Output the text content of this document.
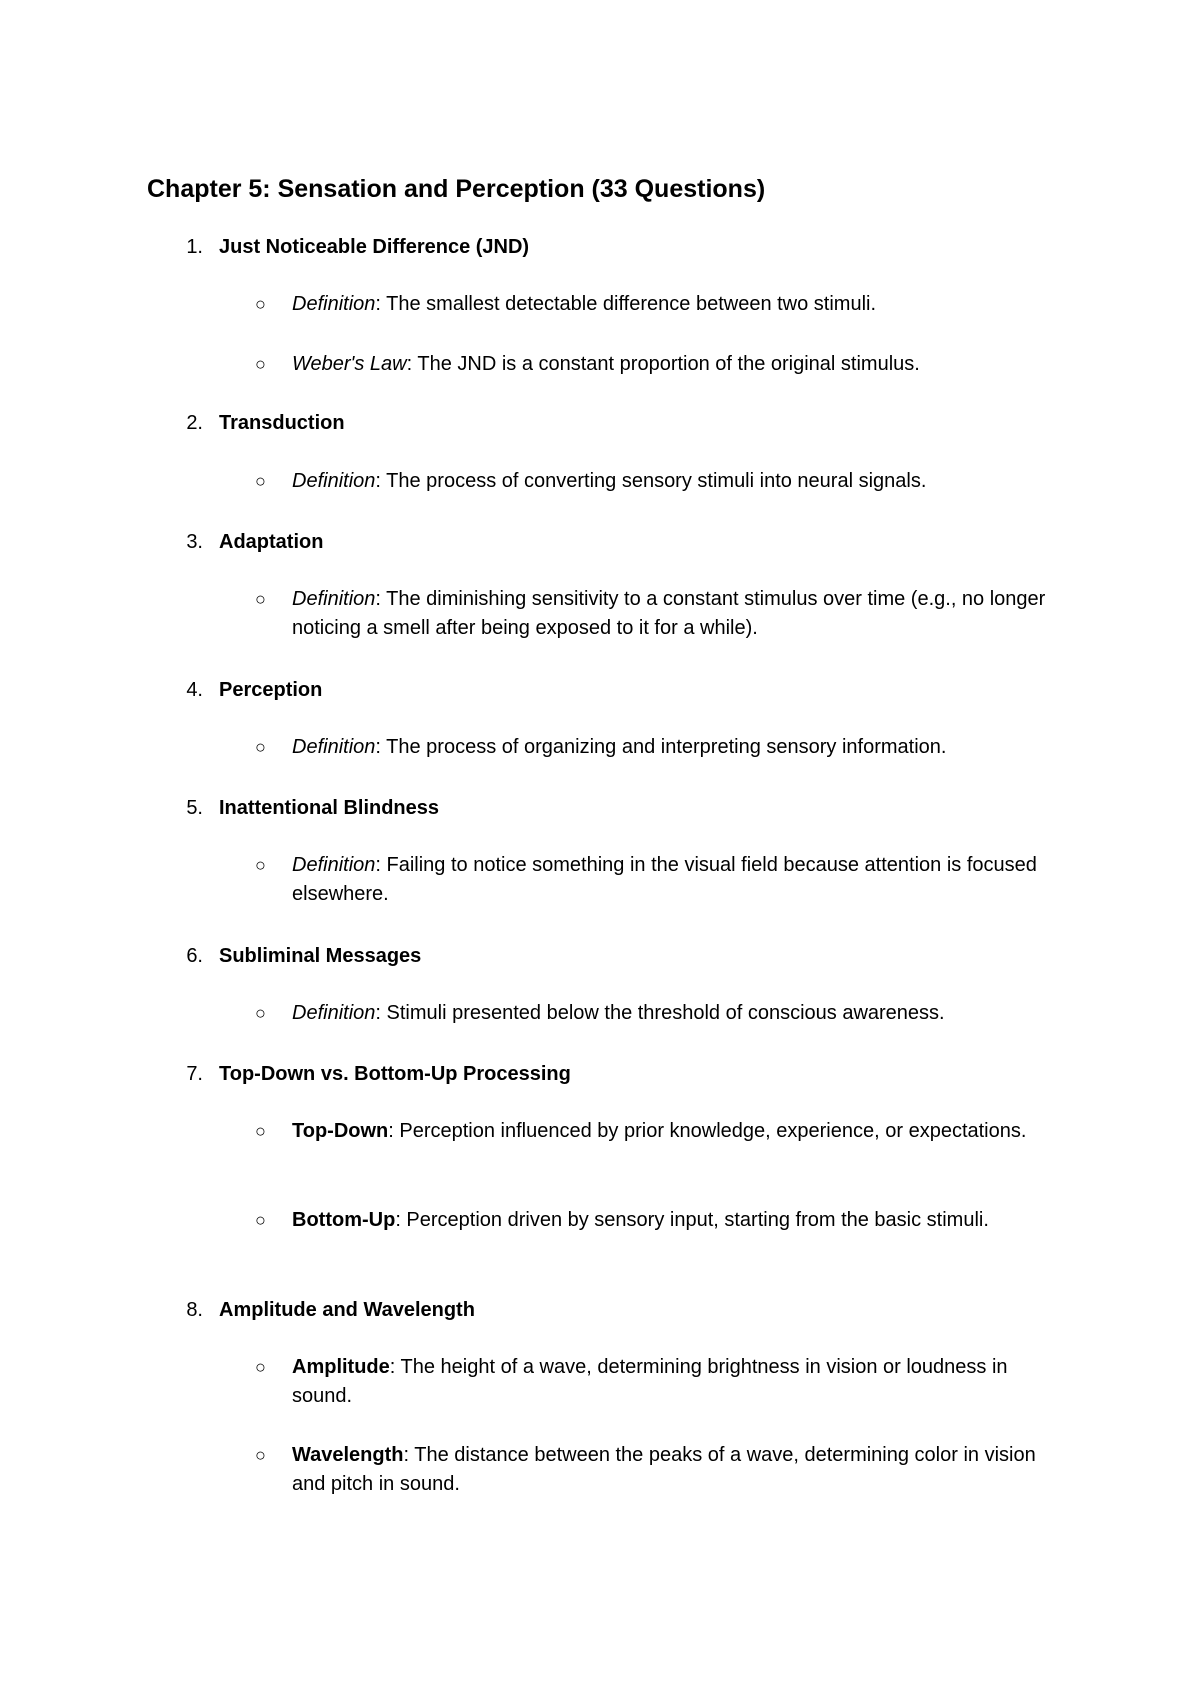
Chapter 5: Sensation and Perception (33 Questions)
1. Just Noticeable Difference (JND)
○ Definition: The smallest detectable difference between two stimuli.
○ Weber's Law: The JND is a constant proportion of the original stimulus.
2. Transduction
○ Definition: The process of converting sensory stimuli into neural signals.
3. Adaptation
○ Definition: The diminishing sensitivity to a constant stimulus over time (e.g., no longer noticing a smell after being exposed to it for a while).
4. Perception
○ Definition: The process of organizing and interpreting sensory information.
5. Inattentional Blindness
○ Definition: Failing to notice something in the visual field because attention is focused elsewhere.
6. Subliminal Messages
○ Definition: Stimuli presented below the threshold of conscious awareness.
7. Top-Down vs. Bottom-Up Processing
○ Top-Down: Perception influenced by prior knowledge, experience, or expectations.
○ Bottom-Up: Perception driven by sensory input, starting from the basic stimuli.
8. Amplitude and Wavelength
○ Amplitude: The height of a wave, determining brightness in vision or loudness in sound.
○ Wavelength: The distance between the peaks of a wave, determining color in vision and pitch in sound.
